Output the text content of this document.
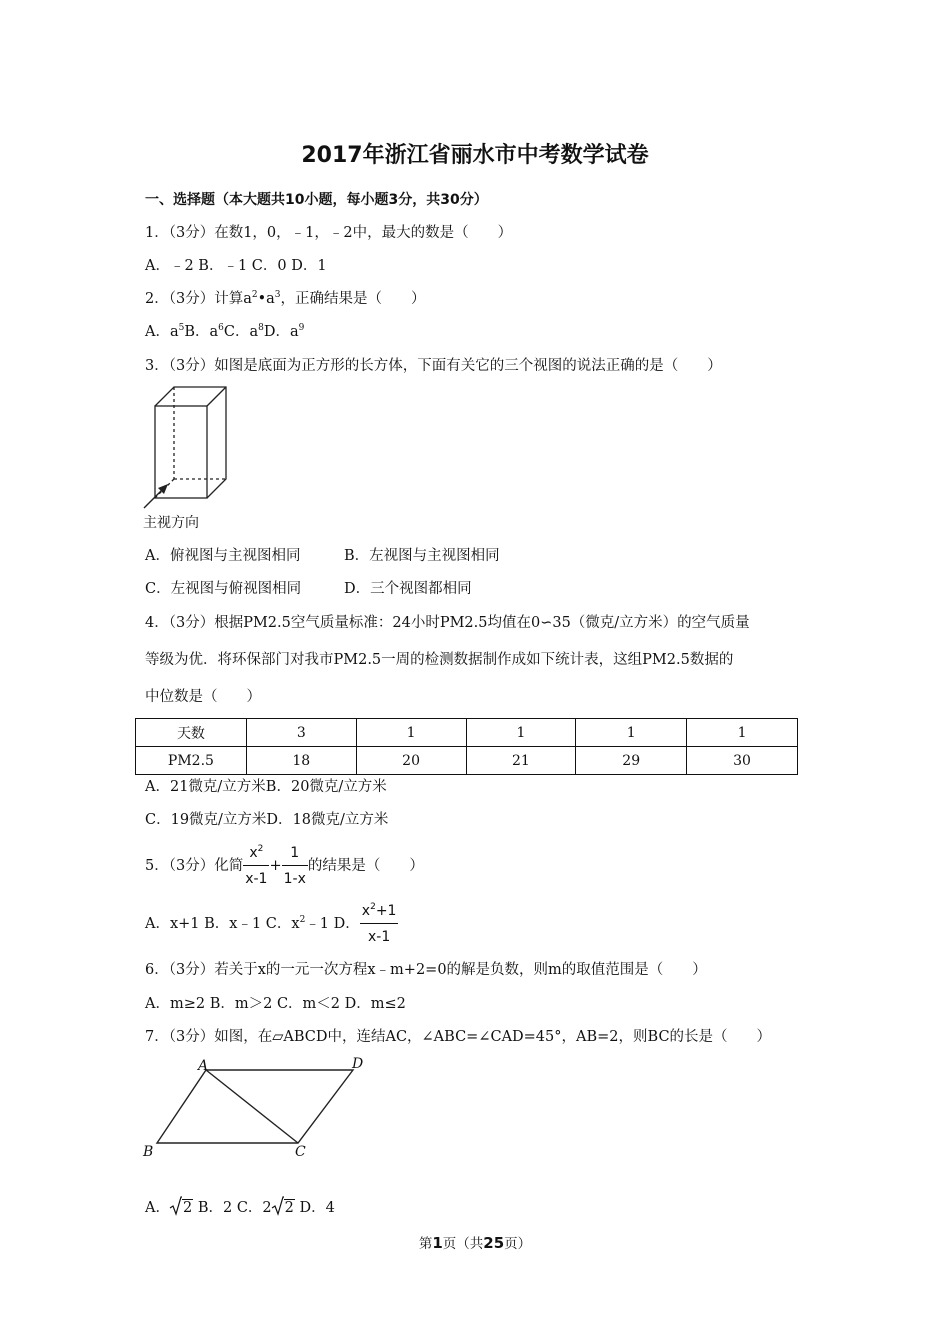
2017年浙江省丽水市中考数学试卷
一、选择题（本大题共10小题，每小题3分，共30分）
1．（3分）在数1，0，﹣1，﹣2中，最大的数是（　　）
A．﹣2 B．﹣1 C．0 D．1
2．（3分）计算$a^2•a^3$，正确结果是（　　）
A．$a^5B$．$a^6C$．$a^8D$．$a^9$
3．（3分）如图是底面为正方形的长方体，下面有关它的三个视图的说法正确的是（　　）
主视方向
A．俯视图与主视图相同	B．左视图与主视图相同
C．左视图与俯视图相同	D．三个视图都相同
4．（3分）根据PM2.5空气质量标准：24小时PM2.5均值在0∽35（微克/立方米）的空气质量
等级为优．将环保部门对我市PM2.5一周的检测数据制作成如下统计表，这组PM2.5数据的
中位数是（　　）
天数	3	1	1	1	1
PM2.5	18	20	21	29	30
A．21微克/立方米B．20微克/立方米
C．19微克/立方米D．18微克/立方米
5．（3分）化简 $\frac{x^2}{x-1} + \frac{1}{1-x}$ 的结果是（　　）
A．x+1 B．x﹣1 C．$x^2﹣1$ D． $\frac{x^2+1}{x-1}$
6．（3分）若关于x的一元一次方程x﹣m+2=0的解是负数，则m的取值范围是（　　）
A．m≥2 B．m＞2 C．m＜2 D．m≤2
7．（3分）如图，在▱ABCD中，连结AC，∠ABC=∠CAD=45°，AB=2，则BC的长是（　　）
A	D
B	C
A． 2 B．2 C．2 2 D．4
第1页（共25页）
